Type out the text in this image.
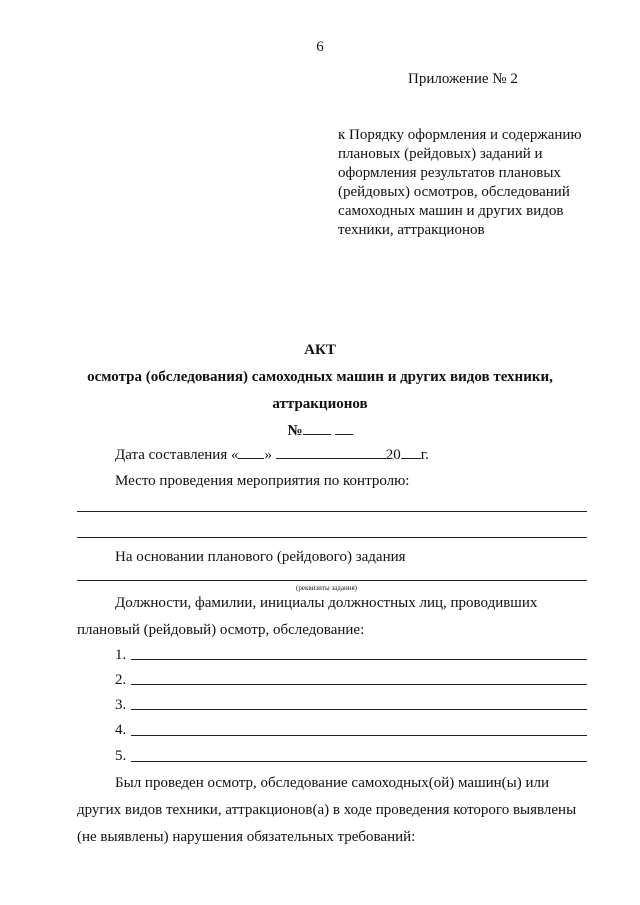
6
Приложение № 2
к Порядку оформления и содержанию
плановых (рейдовых) заданий и
оформления результатов плановых
(рейдовых) осмотров, обследований
самоходных машин и других видов
техники, аттракционов
АКТ
осмотра (обследования) самоходных машин и других видов техники,
аттракционов
№
Дата составления « »	20 г.
Место проведения мероприятия по контролю:
На основании планового (рейдового) задания
(реквизиты задания)
Должности, фамилии, инициалы должностных лиц, проводивших
плановый (рейдовый) осмотр, обследование:
1.
2.
3.
4.
5.
Был проведен осмотр, обследование самоходных(ой) машин(ы) или
других видов техники, аттракционов(а) в ходе проведения которого выявлены
(не выявлены) нарушения обязательных требований:
